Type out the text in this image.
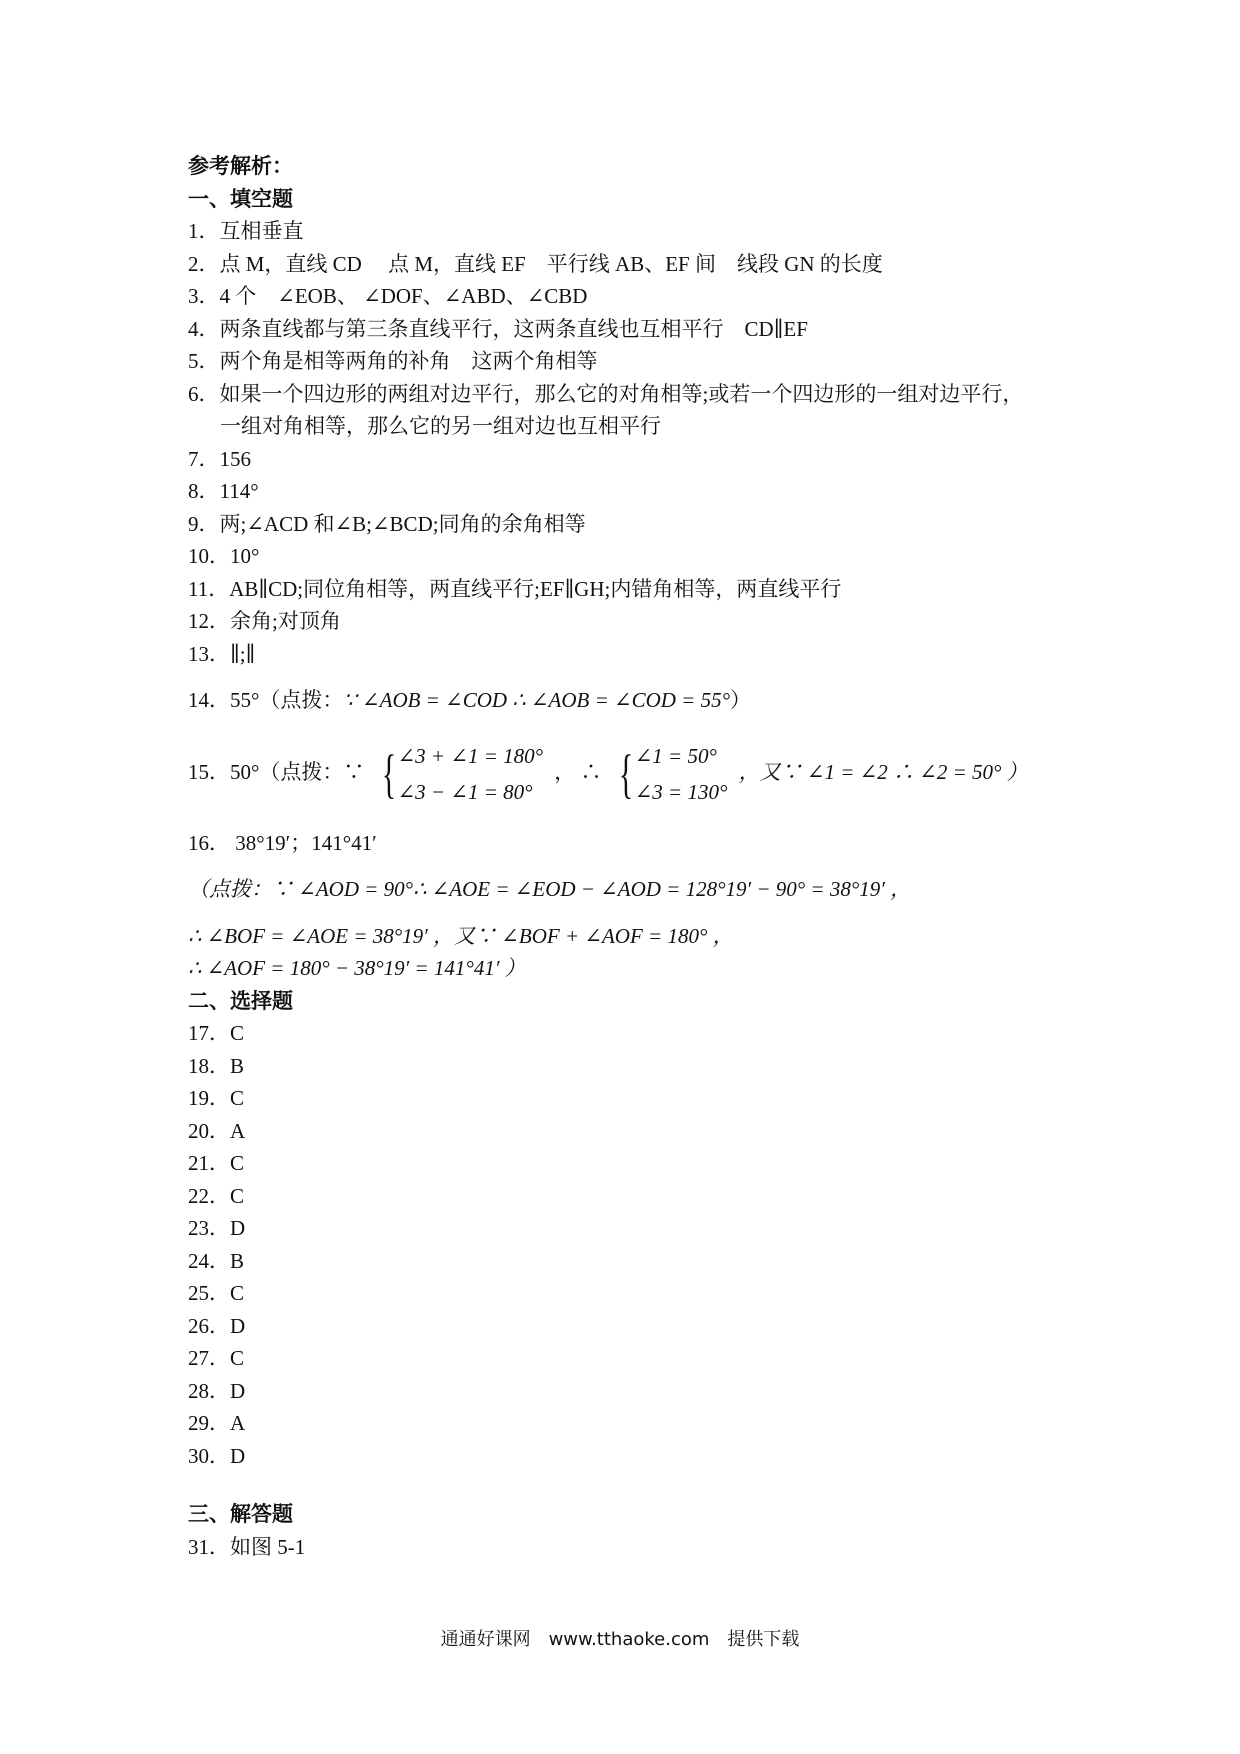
参考解析：
一、填空题
1．互相垂直
2．点 M，直线 CD　 点 M，直线 EF　平行线 AB、EF 间　线段 GN 的长度
3．4 个　∠EOB、 ∠DOF、∠ABD、∠CBD
4．两条直线都与第三条直线平行，这两条直线也互相平行　CD∥EF
5．两个角是相等两角的补角　这两个角相等
6．如果一个四边形的两组对边平行，那么它的对角相等;或若一个四边形的一组对边平行，
一组对角相等，那么它的另一组对边也互相平行
7．156
8．114°
9．两;∠ACD 和∠B;∠BCD;同角的余角相等
10．10°
11．AB∥CD;同位角相等，两直线平行;EF∥GH;内错角相等，两直线平行
12．余角;对顶角
13．∥;∥
14．55°（点拨：∵ ∠AOB = ∠COD ∴ ∠AOB = ∠COD = 55°）
15．50°（点拨：∵ { ∠3 + ∠1 = 180°
∠3 − ∠1 = 80°
， ∴ { ∠1 = 50°
∠3 = 130°
，又∵ ∠1 = ∠2 ∴ ∠2 = 50° ）
16． 38°19′；141°41′
（点拨：∵ ∠AOD = 90°∴ ∠AOE = ∠EOD − ∠AOD = 128°19′ − 90° = 38°19′ ，
∴ ∠BOF = ∠AOE = 38°19′ ，又∵ ∠BOF + ∠AOF = 180° ，
∴ ∠AOF = 180° − 38°19′ = 141°41′ ）
二、选择题
17．C
18．B
19．C
20．A
21．C
22．C
23．D
24．B
25．C
26．D
27．C
28．D
29．A
30．D
三、解答题
31．如图 5-1
通通好课网　www.tthaoke.com　提供下载
